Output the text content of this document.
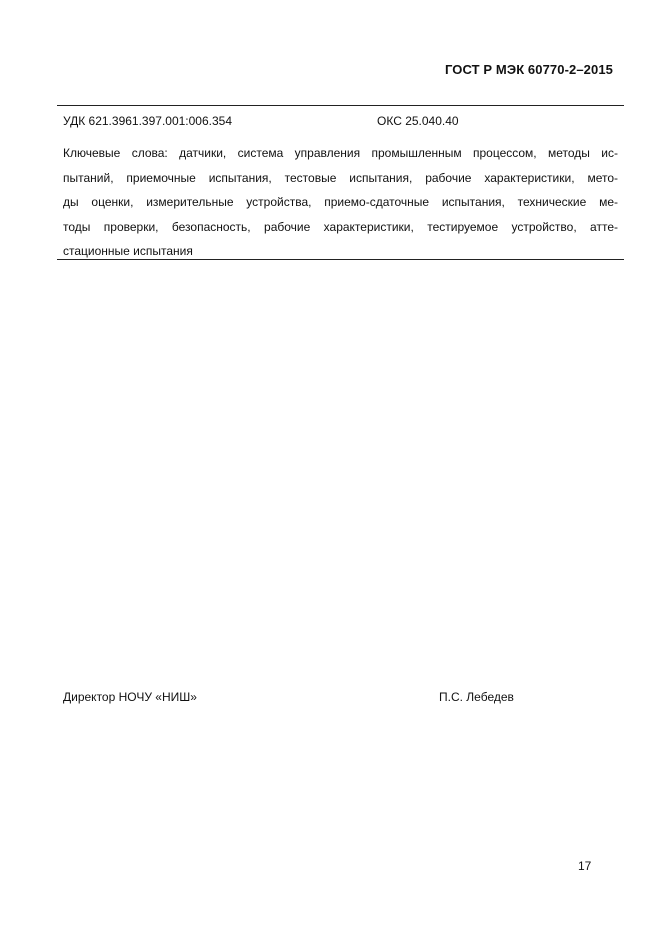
ГОСТ Р МЭК 60770-2–2015
УДК 621.3961.397.001:006.354	ОКС 25.040.40
Ключевые слова: датчики, система управления промышленным процессом, методы ис-
пытаний, приемочные испытания, тестовые испытания, рабочие характеристики, мето-
ды оценки, измерительные устройства, приемо-сдаточные испытания, технические ме-
тоды проверки, безопасность, рабочие характеристики, тестируемое устройство, атте-
стационные испытания
Директор НОЧУ «НИШ»	П.С. Лебедев
17
